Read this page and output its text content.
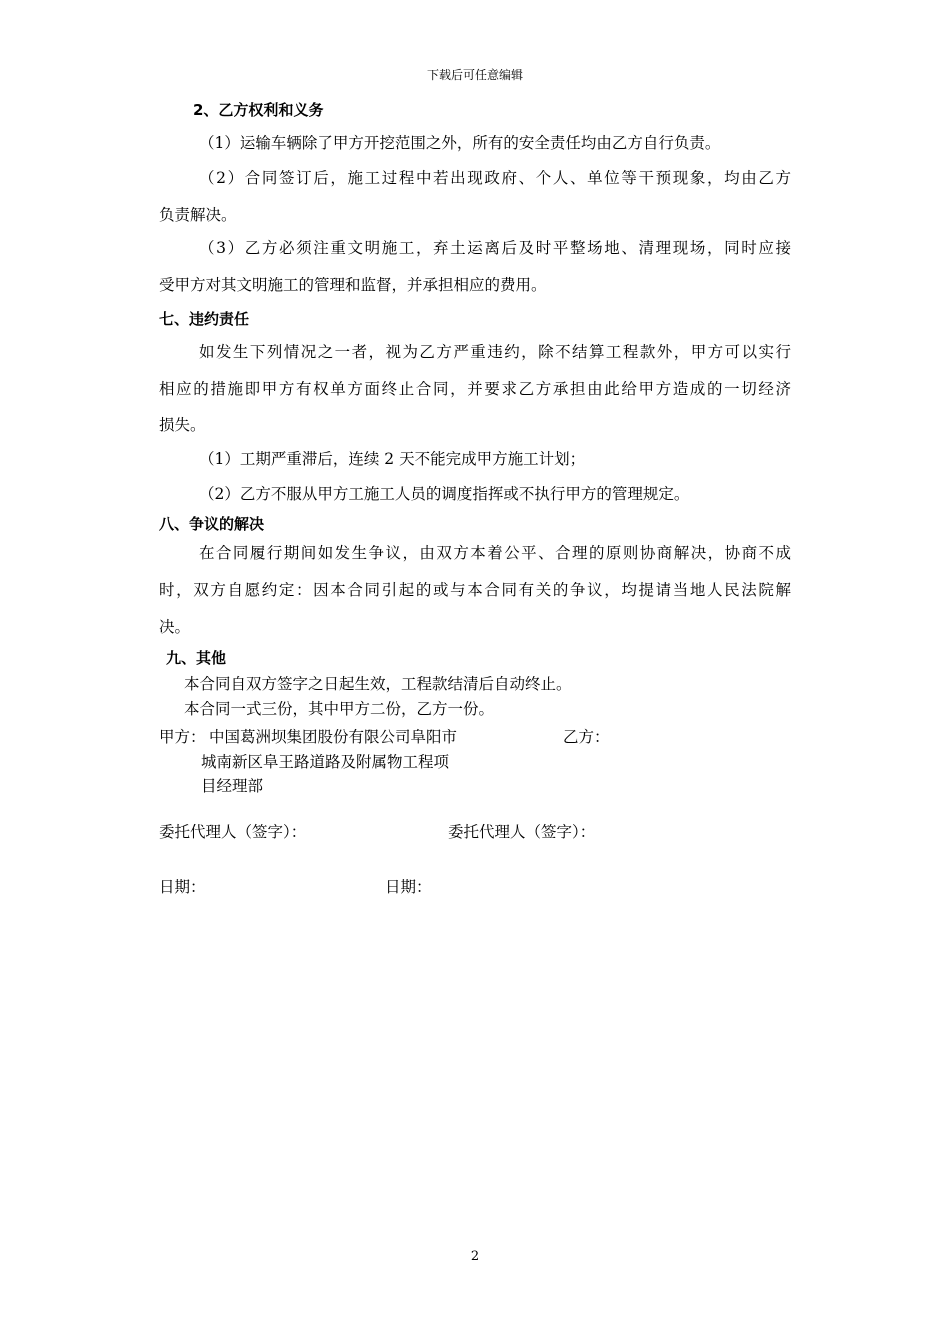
下载后可任意编辑
2、乙方权利和义务
（1）运输车辆除了甲方开挖范围之外，所有的安全责任均由乙方自行负责。
（2）合同签订后，施工过程中若出现政府、个人、单位等干预现象，均由乙方
负责解决。
（3）乙方必须注重文明施工，弃土运离后及时平整场地、清理现场，同时应接
受甲方对其文明施工的管理和监督，并承担相应的费用。
七、违约责任
如发生下列情况之一者，视为乙方严重违约，除不结算工程款外，甲方可以实行
相应的措施即甲方有权单方面终止合同，并要求乙方承担由此给甲方造成的一切经济
损失。
（1）工期严重滞后，连续 2 天不能完成甲方施工计划；
（2）乙方不服从甲方工施工人员的调度指挥或不执行甲方的管理规定。
八、争议的解决
在合同履行期间如发生争议，由双方本着公平、合理的原则协商解决，协商不成
时，双方自愿约定：因本合同引起的或与本合同有关的争议，均提请当地人民法院解
决。
九、其他
本合同自双方签字之日起生效，工程款结清后自动终止。
本合同一式三份，其中甲方二份，乙方一份。
甲方： 中国葛洲坝集团股份有限公司阜阳市	乙方：
城南新区阜王路道路及附属物工程项
目经理部
委托代理人（签字）：	委托代理人（签字）：
日期：	日期：
2
